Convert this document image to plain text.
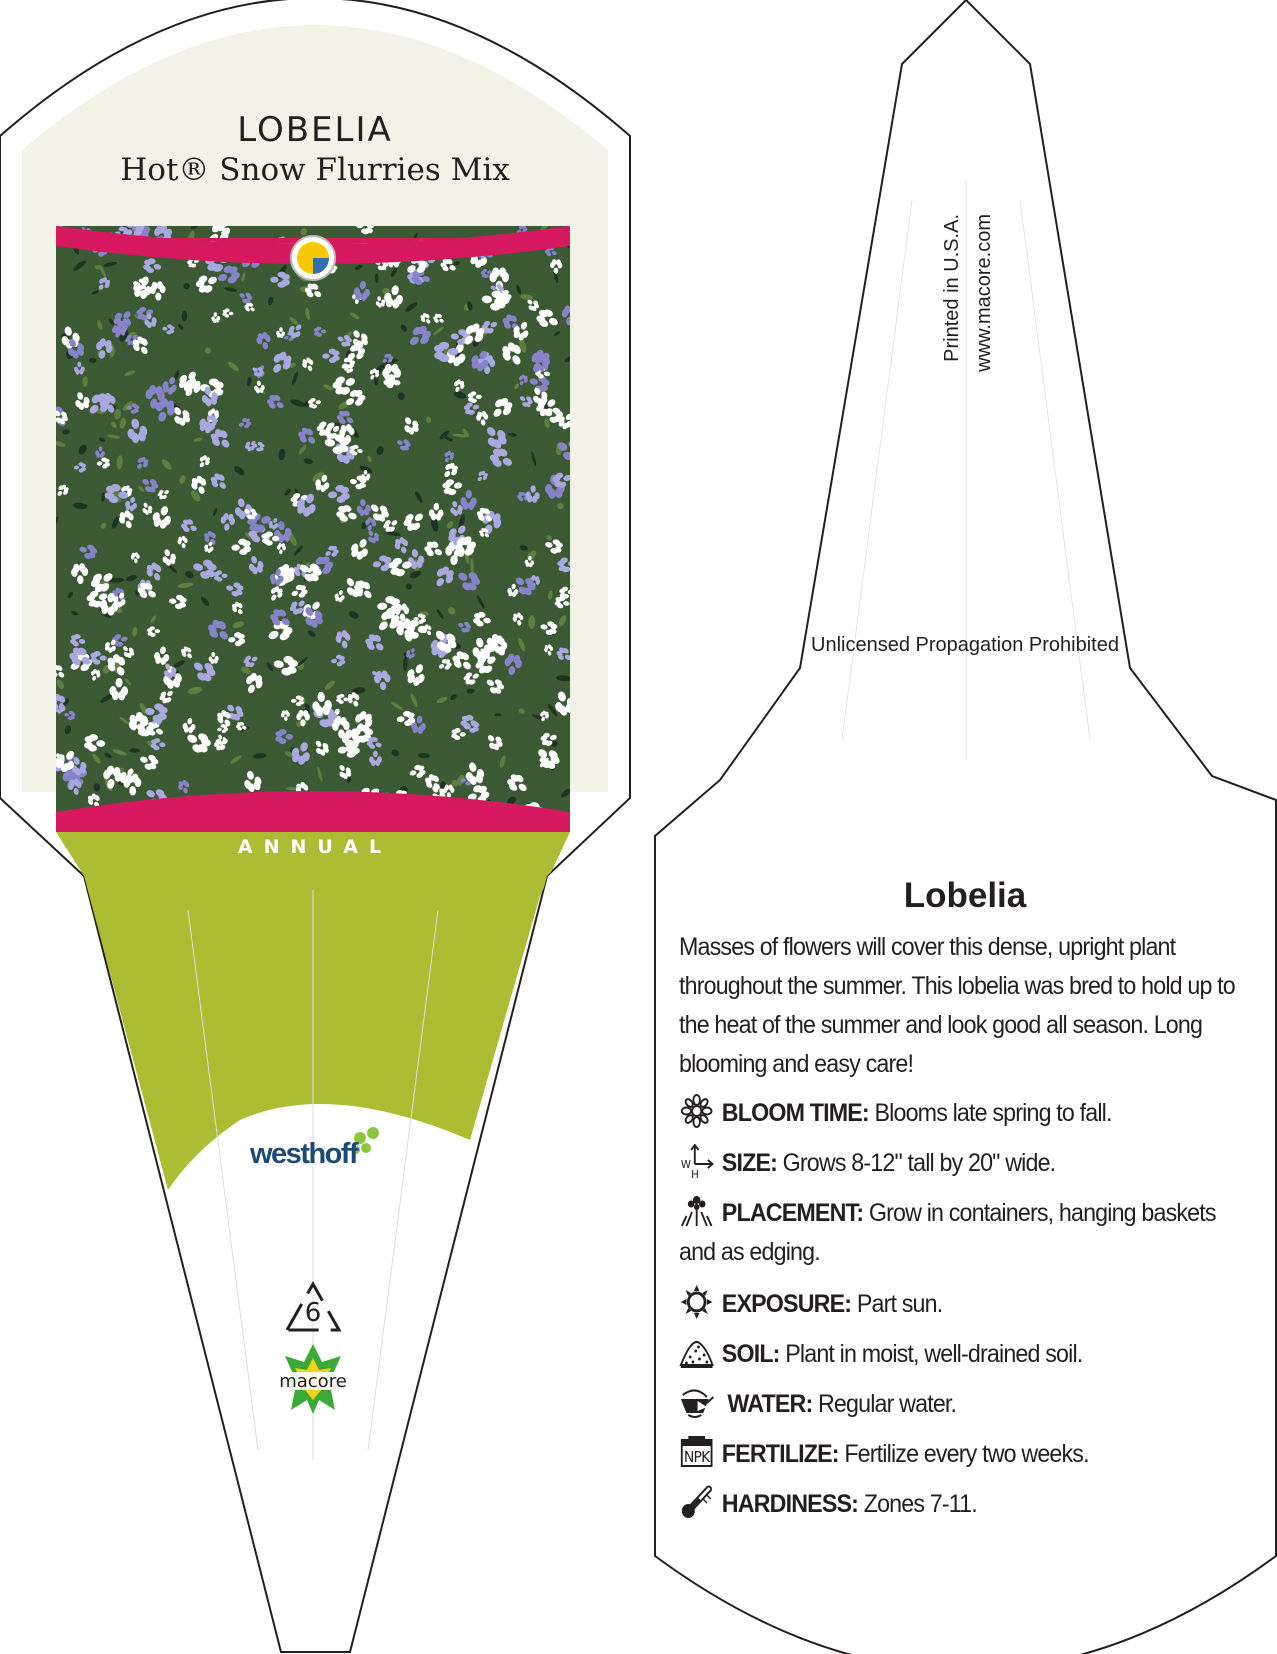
6
macore
LOBELIA
Hot® Snow Flurries Mix
ANNUAL
westhoff
Printed in U.S.A. www.macore.com
Unlicensed Propagation Prohibited
Lobelia
Masses of flowers will cover this dense, upright plant throughout the summer. This lobelia was bred to hold up to the heat of the summer and look good all season. Long blooming and easy care!
BLOOM TIME: Blooms late spring to fall.
W
H SIZE: Grows 8-12" tall by 20" wide.
PLACEMENT: Grow in containers, hanging baskets and as edging.
EXPOSURE: Part sun.
SOIL: Plant in moist, well-drained soil.
WATER: Regular water.
NPK FERTILIZE: Fertilize every two weeks.
HARDINESS: Zones 7-11.
